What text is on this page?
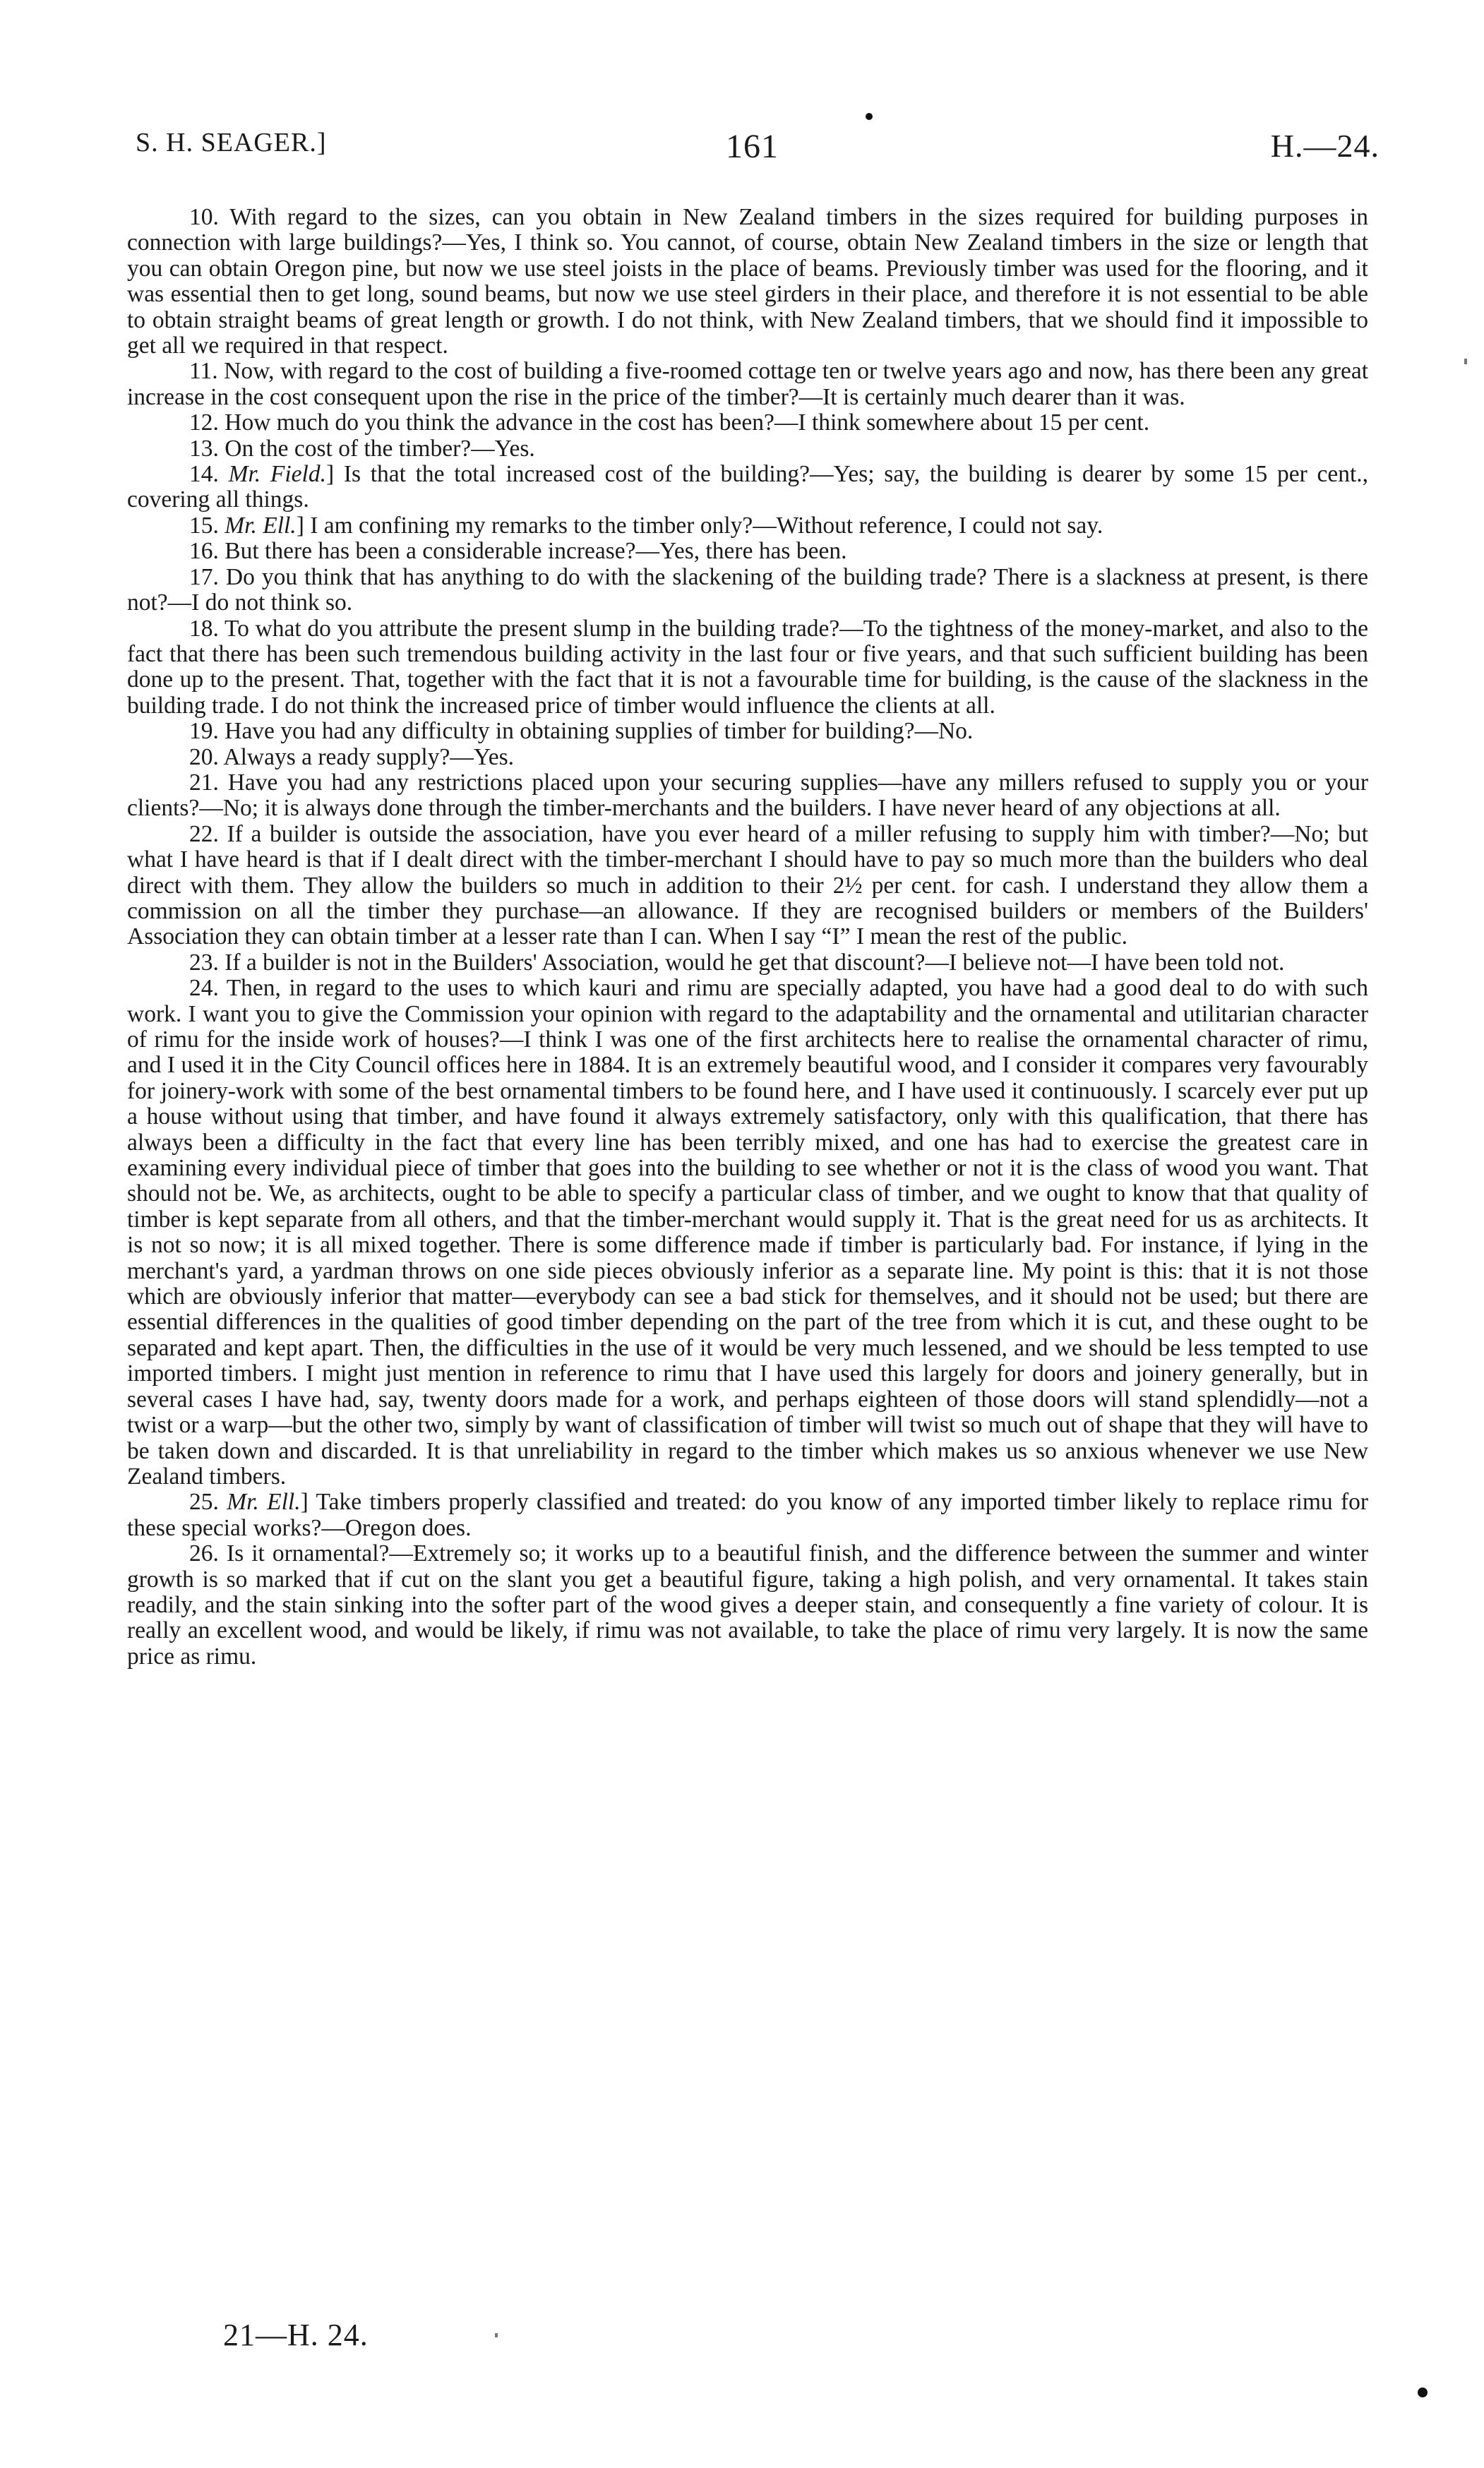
S. H. SEAGER.]	161	H.—24.

10. With regard to the sizes, can you obtain in New Zealand timbers in the sizes required for building purposes in connection with large buildings?—Yes, I think so. You cannot, of course, obtain New Zealand timbers in the size or length that you can obtain Oregon pine, but now we use steel joists in the place of beams. Previously timber was used for the flooring, and it was essential then to get long, sound beams, but now we use steel girders in their place, and therefore it is not essential to be able to obtain straight beams of great length or growth. I do not think, with New Zealand timbers, that we should find it impossible to get all we required in that respect.

11. Now, with regard to the cost of building a five-roomed cottage ten or twelve years ago and now, has there been any great increase in the cost consequent upon the rise in the price of the timber?—It is certainly much dearer than it was.

12. How much do you think the advance in the cost has been?—I think somewhere about 15 per cent.

13. On the cost of the timber?—Yes.

14. Mr. Field.] Is that the total increased cost of the building?—Yes; say, the building is dearer by some 15 per cent., covering all things.

15. Mr. Ell.] I am confining my remarks to the timber only?—Without reference, I could not say.

16. But there has been a considerable increase?—Yes, there has been.

17. Do you think that has anything to do with the slackening of the building trade? There is a slackness at present, is there not?—I do not think so.

18. To what do you attribute the present slump in the building trade?—To the tightness of the money-market, and also to the fact that there has been such tremendous building activity in the last four or five years, and that such sufficient building has been done up to the present. That, together with the fact that it is not a favourable time for building, is the cause of the slackness in the building trade. I do not think the increased price of timber would influence the clients at all.

19. Have you had any difficulty in obtaining supplies of timber for building?—No.

20. Always a ready supply?—Yes.

21. Have you had any restrictions placed upon your securing supplies—have any millers refused to supply you or your clients?—No; it is always done through the timber-merchants and the builders. I have never heard of any objections at all.

22. If a builder is outside the association, have you ever heard of a miller refusing to supply him with timber?—No; but what I have heard is that if I dealt direct with the timber-merchant I should have to pay so much more than the builders who deal direct with them. They allow the builders so much in addition to their 2½ per cent. for cash. I understand they allow them a commission on all the timber they purchase—an allowance. If they are recognised builders or members of the Builders' Association they can obtain timber at a lesser rate than I can. When I say “I” I mean the rest of the public.

23. If a builder is not in the Builders' Association, would he get that discount?—I believe not—I have been told not.

24. Then, in regard to the uses to which kauri and rimu are specially adapted, you have had a good deal to do with such work. I want you to give the Commission your opinion with regard to the adaptability and the ornamental and utilitarian character of rimu for the inside work of houses?—I think I was one of the first architects here to realise the ornamental character of rimu, and I used it in the City Council offices here in 1884. It is an extremely beautiful wood, and I consider it compares very favourably for joinery-work with some of the best ornamental timbers to be found here, and I have used it continuously. I scarcely ever put up a house without using that timber, and have found it always extremely satisfactory, only with this qualification, that there has always been a difficulty in the fact that every line has been terribly mixed, and one has had to exercise the greatest care in examining every individual piece of timber that goes into the building to see whether or not it is the class of wood you want. That should not be. We, as architects, ought to be able to specify a particular class of timber, and we ought to know that that quality of timber is kept separate from all others, and that the timber-merchant would supply it. That is the great need for us as architects. It is not so now; it is all mixed together. There is some difference made if timber is particularly bad. For instance, if lying in the merchant's yard, a yardman throws on one side pieces obviously inferior as a separate line. My point is this: that it is not those which are obviously inferior that matter—everybody can see a bad stick for themselves, and it should not be used; but there are essential differences in the qualities of good timber depending on the part of the tree from which it is cut, and these ought to be separated and kept apart. Then, the difficulties in the use of it would be very much lessened, and we should be less tempted to use imported timbers. I might just mention in reference to rimu that I have used this largely for doors and joinery generally, but in several cases I have had, say, twenty doors made for a work, and perhaps eighteen of those doors will stand splendidly—not a twist or a warp—but the other two, simply by want of classification of timber will twist so much out of shape that they will have to be taken down and discarded. It is that unreliability in regard to the timber which makes us so anxious whenever we use New Zealand timbers.

25. Mr. Ell.] Take timbers properly classified and treated: do you know of any imported timber likely to replace rimu for these special works?—Oregon does.

26. Is it ornamental?—Extremely so; it works up to a beautiful finish, and the difference between the summer and winter growth is so marked that if cut on the slant you get a beautiful figure, taking a high polish, and very ornamental. It takes stain readily, and the stain sinking into the softer part of the wood gives a deeper stain, and consequently a fine variety of colour. It is really an excellent wood, and would be likely, if rimu was not available, to take the place of rimu very largely. It is now the same price as rimu.

21—H. 24.
